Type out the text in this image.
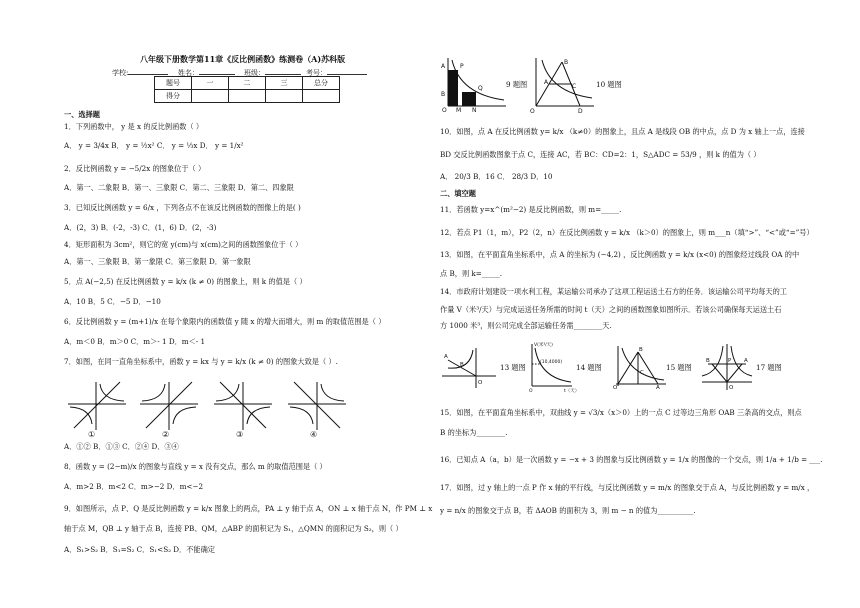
八年级下册数学第11章《反比例函数》练测卷（A)苏科版
学校:	姓名：	班级：	考号：
题号	一	二	三	总分
得分				
一、选择题
1．下列函数中， y 是 x 的反比例函数（ ）
A． y = 3/4x B． y = ½x² C． y = ⅓x D． y = 1/x²
2．反比例函数 y = −5/2x 的图象位于（ ）
A．第一、二象限 B．第一、三象限 C．第二、三象限 D．第二、四象限
3．已知反比例函数 y = 6/x ，下列各点不在该反比例函数的图像上的是( )
A．(2，3) B．(-2，-3) C．(1，6) D．(2，-3)
4．矩形面积为 3cm²，则它的宽 y(cm)与 x(cm)之间的函数图象位于（ ）
A．第一、三象限 B．第一象限 C．第三象限 D．第一象限
5．点 A(−2,5) 在反比例函数 y = k/x (k ≠ 0) 的图象上，则 k 的值是（ ）
A．10 B．5 C．−5 D．−10
6．反比例函数 y = (m+1)/x 在每个象限内的函数值 y 随 x 的增大而增大，则 m 的取值范围是（ ）
A．m＜0 B．m＞0 C．m＞- 1 D．m＜- 1
7．如图，在同一直角坐标系中，函数 y = kx 与 y = k/x (k ≠ 0) 的图象大致是（ ）.
①	②	③	④
A．①② B．①③ C．②④ D．③④
8．函数 y = (2−m)/x 的图象与直线 y = x 没有交点，那么 m 的取值范围是（ ）
A．m>2 B．m<2 C．m>−2 D．m<−2
9．如图所示，点 P、Q 是反比例函数 y = k/x 图象上的两点，PA ⊥ y 轴于点 A，ON ⊥ x 轴于点 N，作 PM ⊥ x
轴于点 M，QB ⊥ y 轴于点 B，连接 PB、QM，△ABP 的面积记为 S₁，△QMN 的面积记为 S₂，则（ ）
A．S₁>S₂ B．S₁=S₂ C．S₁<S₂ D．不能确定
A
B
P
Q
O M N
9 题图
B
A
C
O	D
10 题图
10．如图，点 A 在反比例函数 y= k/x （k≠0）的图象上，且点 A 是线段 OB 的中点，点 D 为 x 轴上一点，连接
BD 交反比例函数图象于点 C，连接 AC，若 BC：CD=2：1，S△ADC = 53/9 ，则 k 的值为（ ）
A． 20/3 B．16 C． 28/3 D．10
二、填空题
11．若函数 y=x^(m²−2) 是反比例函数，则 m=_____.
12．若点 P1（1，m），P2（2，n）在反比例函数 y = k/x （k＞0）的图象上，则 m___n（填“>”、“<”或“=”号）
13．如图，在平面直角坐标系中，点 A 的坐标为 (−4,2) ，反比例函数 y = k/x (x<0) 的图象经过线段 OA 的中
点 B，则 k=_____.
14．市政府计划建设一项水利工程，某运输公司承办了这项工程运送土石方的任务．该运输公司平均每天的工
作量 V（米³/天）与完成运送任务所需的时间 t（天）之间的函数图象如图所示．若该公司确保每天运送土石
方 1000 米³，则公司完成全部运输任务需________天.
A
B
O
13 题图
V(米³/天)
(10,4000)
O	t（天）
14 题图
B
C
O	A
15 题图
B	P A
O
17 题图
15．如图，在平面直角坐标系中，双曲线 y = √3/x（x＞0）上的一点 C 过等边三角形 OAB 三条高的交点，则点
B 的坐标为________.
16．已知点 A（a，b）是一次函数 y = −x + 3 的图象与反比例函数 y = 1/x 的图像的一个交点，则 1/a + 1/b = ___.
17．如图，过 y 轴上的一点 P 作 x 轴的平行线，与反比例函数 y = m/x 的图象交于点 A，与反比例函数 y = m/x ，
y = n/x 的图象交于点 B，若 ΔAOB 的面积为 3，则 m − n 的值为__________.
